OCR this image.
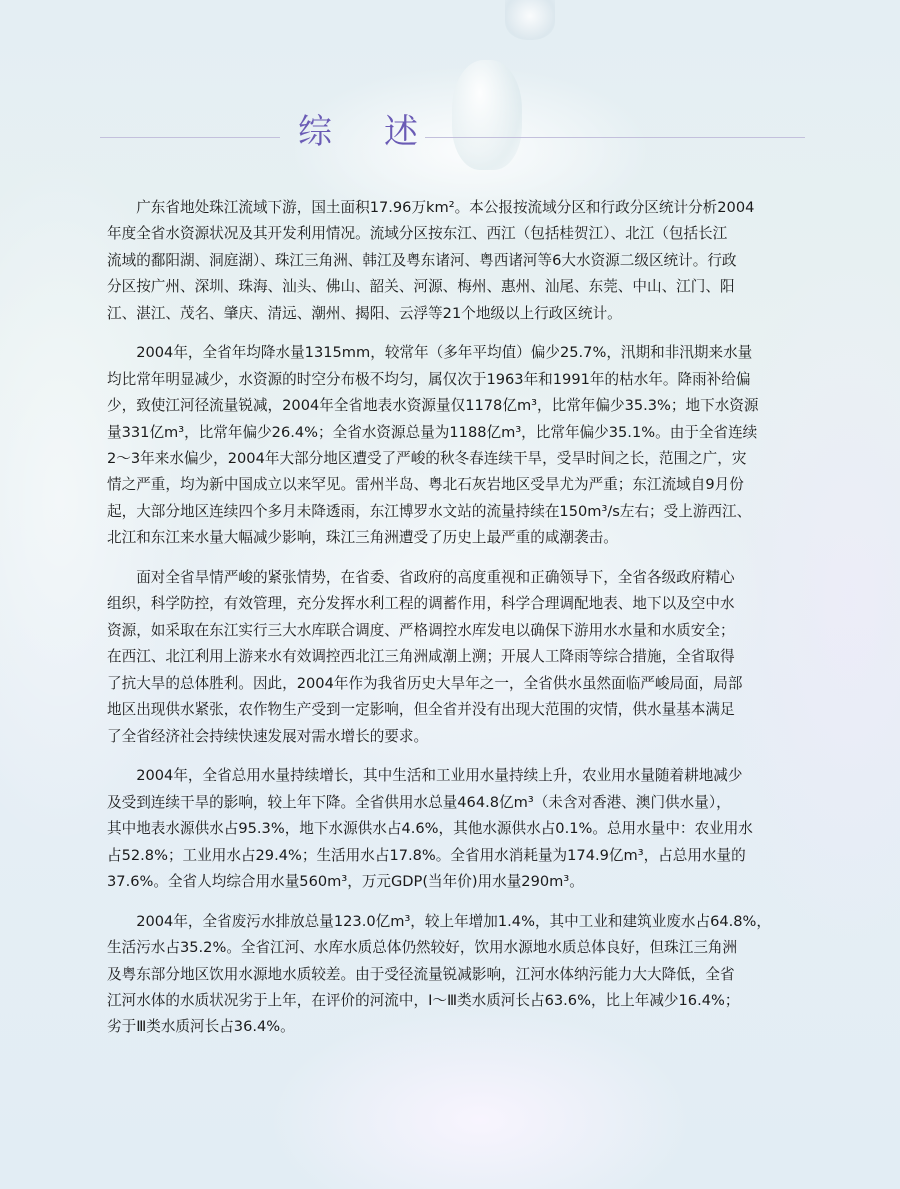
综 述

　　广东省地处珠江流域下游，国土面积17.96万km²。本公报按流域分区和行政分区统计分析2004
年度全省水资源状况及其开发利用情况。流域分区按东江、西江（包括桂贺江）、北江（包括长江
流域的鄱阳湖、洞庭湖）、珠江三角洲、韩江及粤东诸河、粤西诸河等6大水资源二级区统计。行政
分区按广州、深圳、珠海、汕头、佛山、韶关、河源、梅州、惠州、汕尾、东莞、中山、江门、阳
江、湛江、茂名、肇庆、清远、潮州、揭阳、云浮等21个地级以上行政区统计。

　　2004年，全省年均降水量1315mm，较常年（多年平均值）偏少25.7%，汛期和非汛期来水量
均比常年明显减少，水资源的时空分布极不均匀，属仅次于1963年和1991年的枯水年。降雨补给偏
少，致使江河径流量锐减，2004年全省地表水资源量仅1178亿m³，比常年偏少35.3%；地下水资源
量331亿m³，比常年偏少26.4%；全省水资源总量为1188亿m³，比常年偏少35.1%。由于全省连续
2～3年来水偏少，2004年大部分地区遭受了严峻的秋冬春连续干旱，受旱时间之长，范围之广，灾
情之严重，均为新中国成立以来罕见。雷州半岛、粤北石灰岩地区受旱尤为严重；东江流域自9月份
起，大部分地区连续四个多月未降透雨，东江博罗水文站的流量持续在150m³/s左右；受上游西江、
北江和东江来水量大幅减少影响，珠江三角洲遭受了历史上最严重的咸潮袭击。

　　面对全省旱情严峻的紧张情势，在省委、省政府的高度重视和正确领导下，全省各级政府精心
组织，科学防控，有效管理，充分发挥水利工程的调蓄作用，科学合理调配地表、地下以及空中水
资源，如采取在东江实行三大水库联合调度、严格调控水库发电以确保下游用水水量和水质安全；
在西江、北江利用上游来水有效调控西北江三角洲咸潮上溯；开展人工降雨等综合措施，全省取得
了抗大旱的总体胜利。因此，2004年作为我省历史大旱年之一，全省供水虽然面临严峻局面，局部
地区出现供水紧张，农作物生产受到一定影响，但全省并没有出现大范围的灾情，供水量基本满足
了全省经济社会持续快速发展对需水增长的要求。

　　2004年，全省总用水量持续增长，其中生活和工业用水量持续上升，农业用水量随着耕地减少
及受到连续干旱的影响，较上年下降。全省供用水总量464.8亿m³（未含对香港、澳门供水量），
其中地表水源供水占95.3%，地下水源供水占4.6%，其他水源供水占0.1%。总用水量中：农业用水
占52.8%；工业用水占29.4%；生活用水占17.8%。全省用水消耗量为174.9亿m³，占总用水量的
37.6%。全省人均综合用水量560m³，万元GDP(当年价)用水量290m³。

　　2004年，全省废污水排放总量123.0亿m³，较上年增加1.4%，其中工业和建筑业废水占64.8%，
生活污水占35.2%。全省江河、水库水质总体仍然较好，饮用水源地水质总体良好，但珠江三角洲
及粤东部分地区饮用水源地水质较差。由于受径流量锐减影响，江河水体纳污能力大大降低，全省
江河水体的水质状况劣于上年，在评价的河流中，Ⅰ～Ⅲ类水质河长占63.6%，比上年减少16.4%；
劣于Ⅲ类水质河长占36.4%。
